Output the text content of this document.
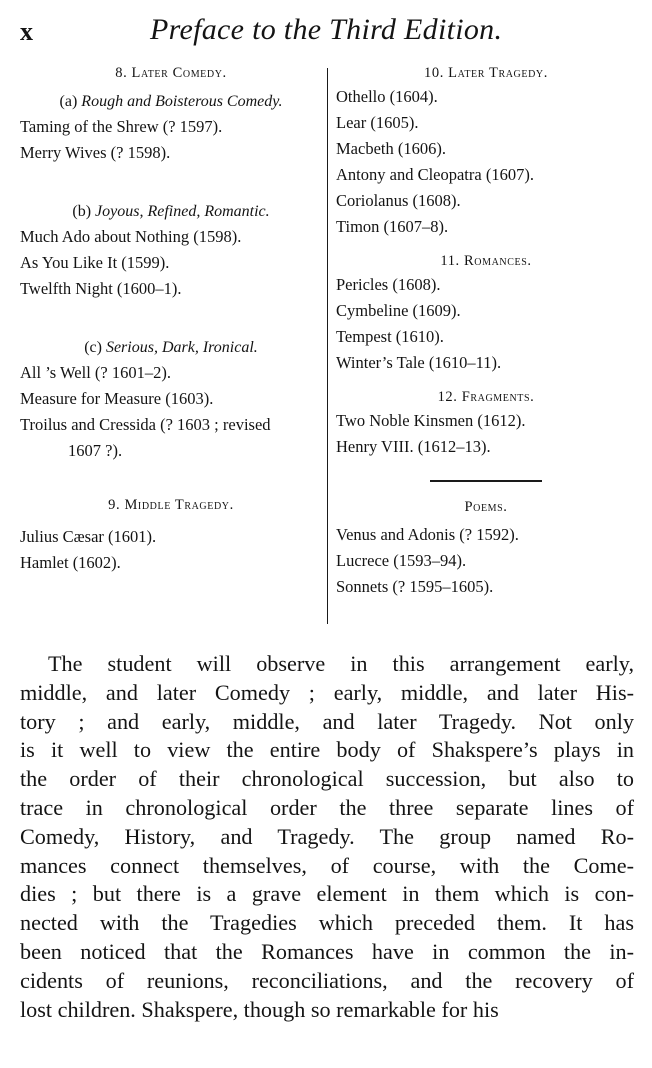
x	Preface to the Third Edition.
8. Later Comedy.
(a) Rough and Boisterous Comedy.
Taming of the Shrew (? 1597).
Merry Wives (? 1598).
(b) Joyous, Refined, Romantic.
Much Ado about Nothing (1598).
As You Like It (1599).
Twelfth Night (1600–1).
(c) Serious, Dark, Ironical.
All ’s Well (? 1601–2).
Measure for Measure (1603).
Troilus and Cressida (? 1603 ; revised
1607 ?).
9. Middle Tragedy.
Julius Cæsar (1601).
Hamlet (1602).
10. Later Tragedy.
Othello (1604).
Lear (1605).
Macbeth (1606).
Antony and Cleopatra (1607).
Coriolanus (1608).
Timon (1607–8).
11. Romances.
Pericles (1608).
Cymbeline (1609).
Tempest (1610).
Winter’s Tale (1610–11).
12. Fragments.
Two Noble Kinsmen (1612).
Henry VIII. (1612–13).
Poems.
Venus and Adonis (? 1592).
Lucrece (1593–94).
Sonnets (? 1595–1605).
The student will observe in this arrangement early,
middle, and later Comedy ; early, middle, and later His-
tory ; and early, middle, and later Tragedy. Not only
is it well to view the entire body of Shakspere’s plays in
the order of their chronological succession, but also to
trace in chronological order the three separate lines of
Comedy, History, and Tragedy. The group named Ro-
mances connect themselves, of course, with the Come-
dies ; but there is a grave element in them which is con-
nected with the Tragedies which preceded them. It has
been noticed that the Romances have in common the in-
cidents of reunions, reconciliations, and the recovery of
lost children. Shakspere, though so remarkable for his
